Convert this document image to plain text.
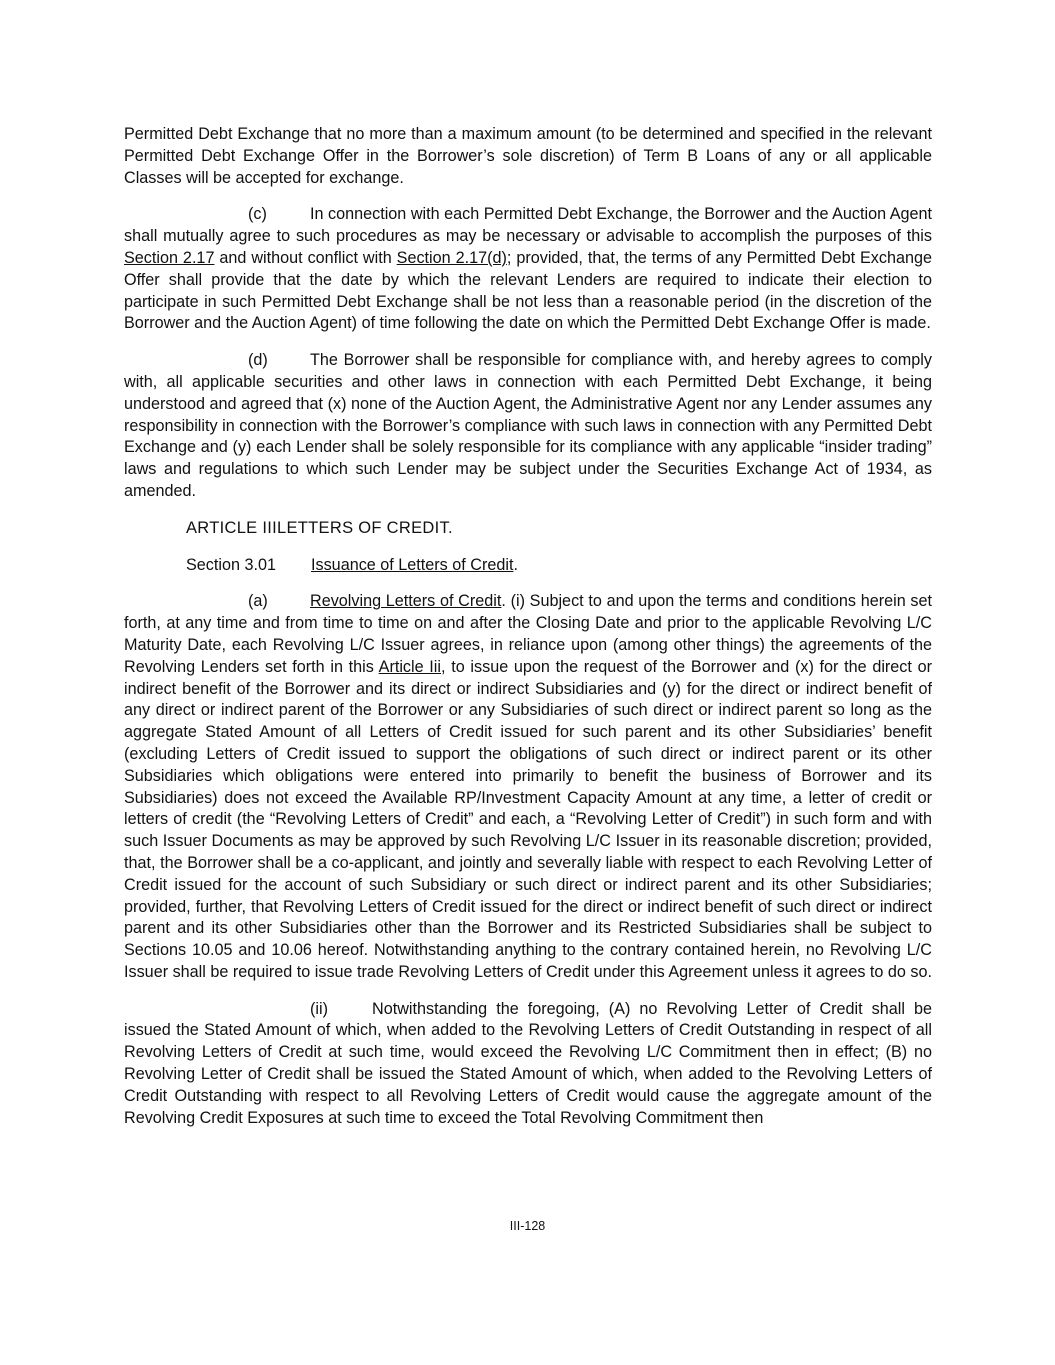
Permitted Debt Exchange that no more than a maximum amount (to be determined and specified in the relevant Permitted Debt Exchange Offer in the Borrower’s sole discretion) of Term B Loans of any or all applicable Classes will be accepted for exchange.

(c)	In connection with each Permitted Debt Exchange, the Borrower and the Auction Agent shall mutually agree to such procedures as may be necessary or advisable to accomplish the purposes of this Section 2.17 and without conflict with Section 2.17(d); provided, that, the terms of any Permitted Debt Exchange Offer shall provide that the date by which the relevant Lenders are required to indicate their election to participate in such Permitted Debt Exchange shall be not less than a reasonable period (in the discretion of the Borrower and the Auction Agent) of time following the date on which the Permitted Debt Exchange Offer is made.

(d)	The Borrower shall be responsible for compliance with, and hereby agrees to comply with, all applicable securities and other laws in connection with each Permitted Debt Exchange, it being understood and agreed that (x) none of the Auction Agent, the Administrative Agent nor any Lender assumes any responsibility in connection with the Borrower’s compliance with such laws in connection with any Permitted Debt Exchange and (y) each Lender shall be solely responsible for its compliance with any applicable “insider trading” laws and regulations to which such Lender may be subject under the Securities Exchange Act of 1934, as amended.

ARTICLE IIILETTERS OF CREDIT.

Section 3.01 Issuance of Letters of Credit.

(a)	Revolving Letters of Credit. (i) Subject to and upon the terms and conditions herein set forth, at any time and from time to time on and after the Closing Date and prior to the applicable Revolving L/C Maturity Date, each Revolving L/C Issuer agrees, in reliance upon (among other things) the agreements of the Revolving Lenders set forth in this Article Iii, to issue upon the request of the Borrower and (x) for the direct or indirect benefit of the Borrower and its direct or indirect Subsidiaries and (y) for the direct or indirect benefit of any direct or indirect parent of the Borrower or any Subsidiaries of such direct or indirect parent so long as the aggregate Stated Amount of all Letters of Credit issued for such parent and its other Subsidiaries’ benefit (excluding Letters of Credit issued to support the obligations of such direct or indirect parent or its other Subsidiaries which obligations were entered into primarily to benefit the business of Borrower and its Subsidiaries) does not exceed the Available RP/Investment Capacity Amount at any time, a letter of credit or letters of credit (the “Revolving Letters of Credit” and each, a “Revolving Letter of Credit”) in such form and with such Issuer Documents as may be approved by such Revolving L/C Issuer in its reasonable discretion; provided, that, the Borrower shall be a co-applicant, and jointly and severally liable with respect to each Revolving Letter of Credit issued for the account of such Subsidiary or such direct or indirect parent and its other Subsidiaries; provided, further, that Revolving Letters of Credit issued for the direct or indirect benefit of such direct or indirect parent and its other Subsidiaries other than the Borrower and its Restricted Subsidiaries shall be subject to Sections 10.05 and 10.06 hereof. Notwithstanding anything to the contrary contained herein, no Revolving L/C Issuer shall be required to issue trade Revolving Letters of Credit under this Agreement unless it agrees to do so.

(ii)	Notwithstanding the foregoing, (A) no Revolving Letter of Credit shall be issued the Stated Amount of which, when added to the Revolving Letters of Credit Outstanding in respect of all Revolving Letters of Credit at such time, would exceed the Revolving L/C Commitment then in effect; (B) no Revolving Letter of Credit shall be issued the Stated Amount of which, when added to the Revolving Letters of Credit Outstanding with respect to all Revolving Letters of Credit would cause the aggregate amount of the Revolving Credit Exposures at such time to exceed the Total Revolving Commitment then

III-128
